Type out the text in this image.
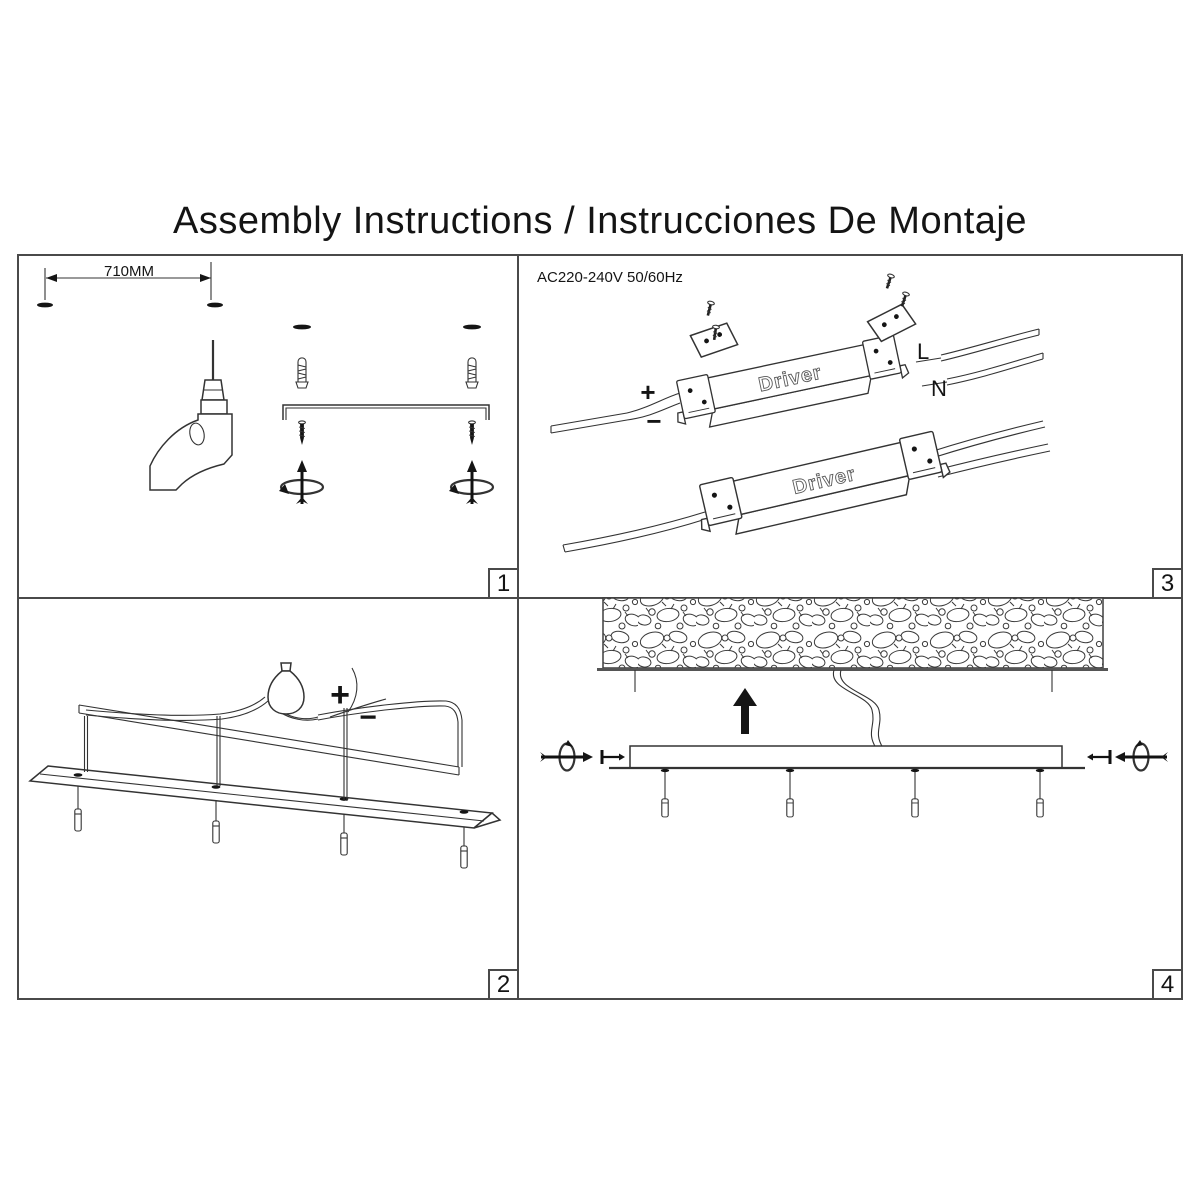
Assembly Instructions / Instrucciones De Montaje
710MM
1
AC220-240V 50/60Hz
+
−
L
N
Driver
Driver
3
+
−
2	4
